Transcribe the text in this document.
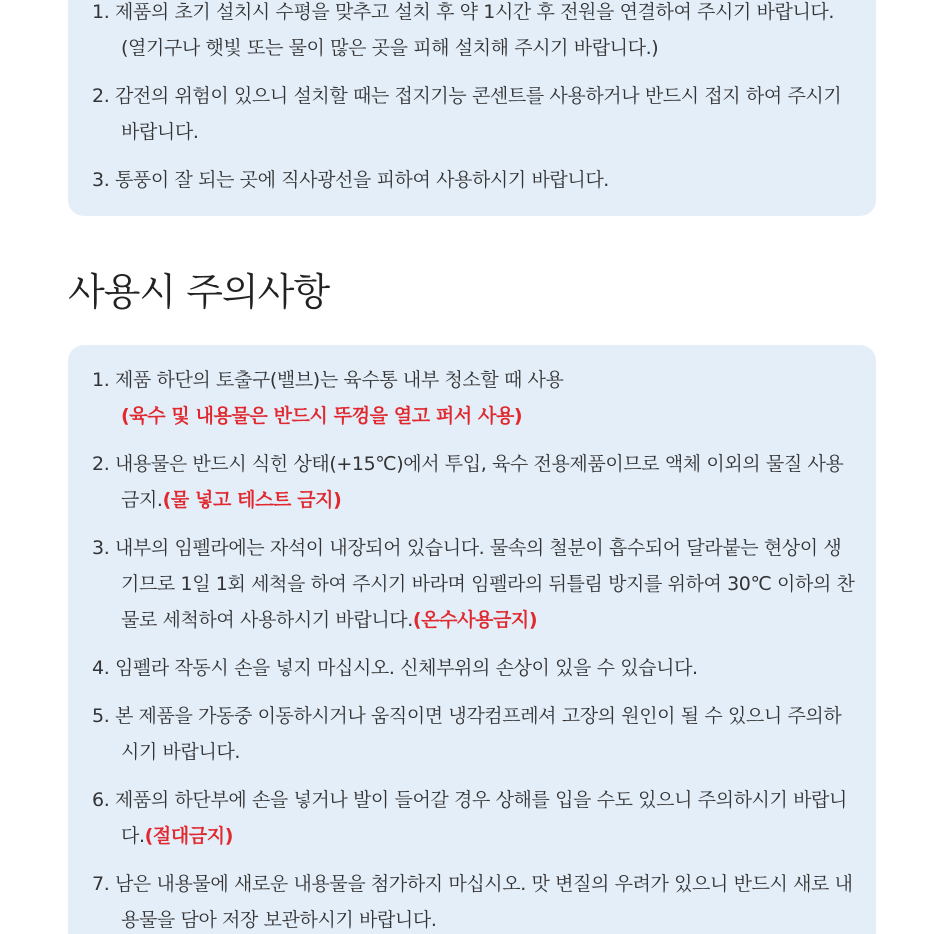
1. 제품의 초기 설치시 수평을 맞추고 설치 후 약 1시간 후 전원을 연결하여 주시기 바랍니다.(열기구나 햇빛 또는 물이 많은 곳을 피해 설치해 주시기 바랍니다.)
2. 감전의 위험이 있으니 설치할 때는 접지기능 콘센트를 사용하거나 반드시 접지 하여 주시기 바랍니다.
3. 통풍이 잘 되는 곳에 직사광선을 피하여 사용하시기 바랍니다.
사용시 주의사항
1. 제품 하단의 토출구(밸브)는 육수통 내부 청소할 때 사용
(육수 및 내용물은 반드시 뚜껑을 열고 퍼서 사용)
2. 내용물은 반드시 식힌 상태(+15℃)에서 투입, 육수 전용제품이므로 액체 이외의 물질 사용금지.(물 넣고 테스트 금지)
3. 내부의 임펠라에는 자석이 내장되어 있습니다. 물속의 철분이 흡수되어 달라붙는 현상이 생기므로 1일 1회 세척을 하여 주시기 바라며 임펠라의 뒤틀림 방지를 위하여 30℃ 이하의 찬물로 세척하여 사용하시기 바랍니다.(온수사용금지)
4. 임펠라 작동시 손을 넣지 마십시오. 신체부위의 손상이 있을 수 있습니다.
5. 본 제품을 가동중 이동하시거나 움직이면 냉각컴프레셔 고장의 원인이 될 수 있으니 주의하시기 바랍니다.
6. 제품의 하단부에 손을 넣거나 발이 들어갈 경우 상해를 입을 수도 있으니 주의하시기 바랍니다.(절대금지)
7. 남은 내용물에 새로운 내용물을 첨가하지 마십시오. 맛 변질의 우려가 있으니 반드시 새로 내용물을 담아 저장 보관하시기 바랍니다.
